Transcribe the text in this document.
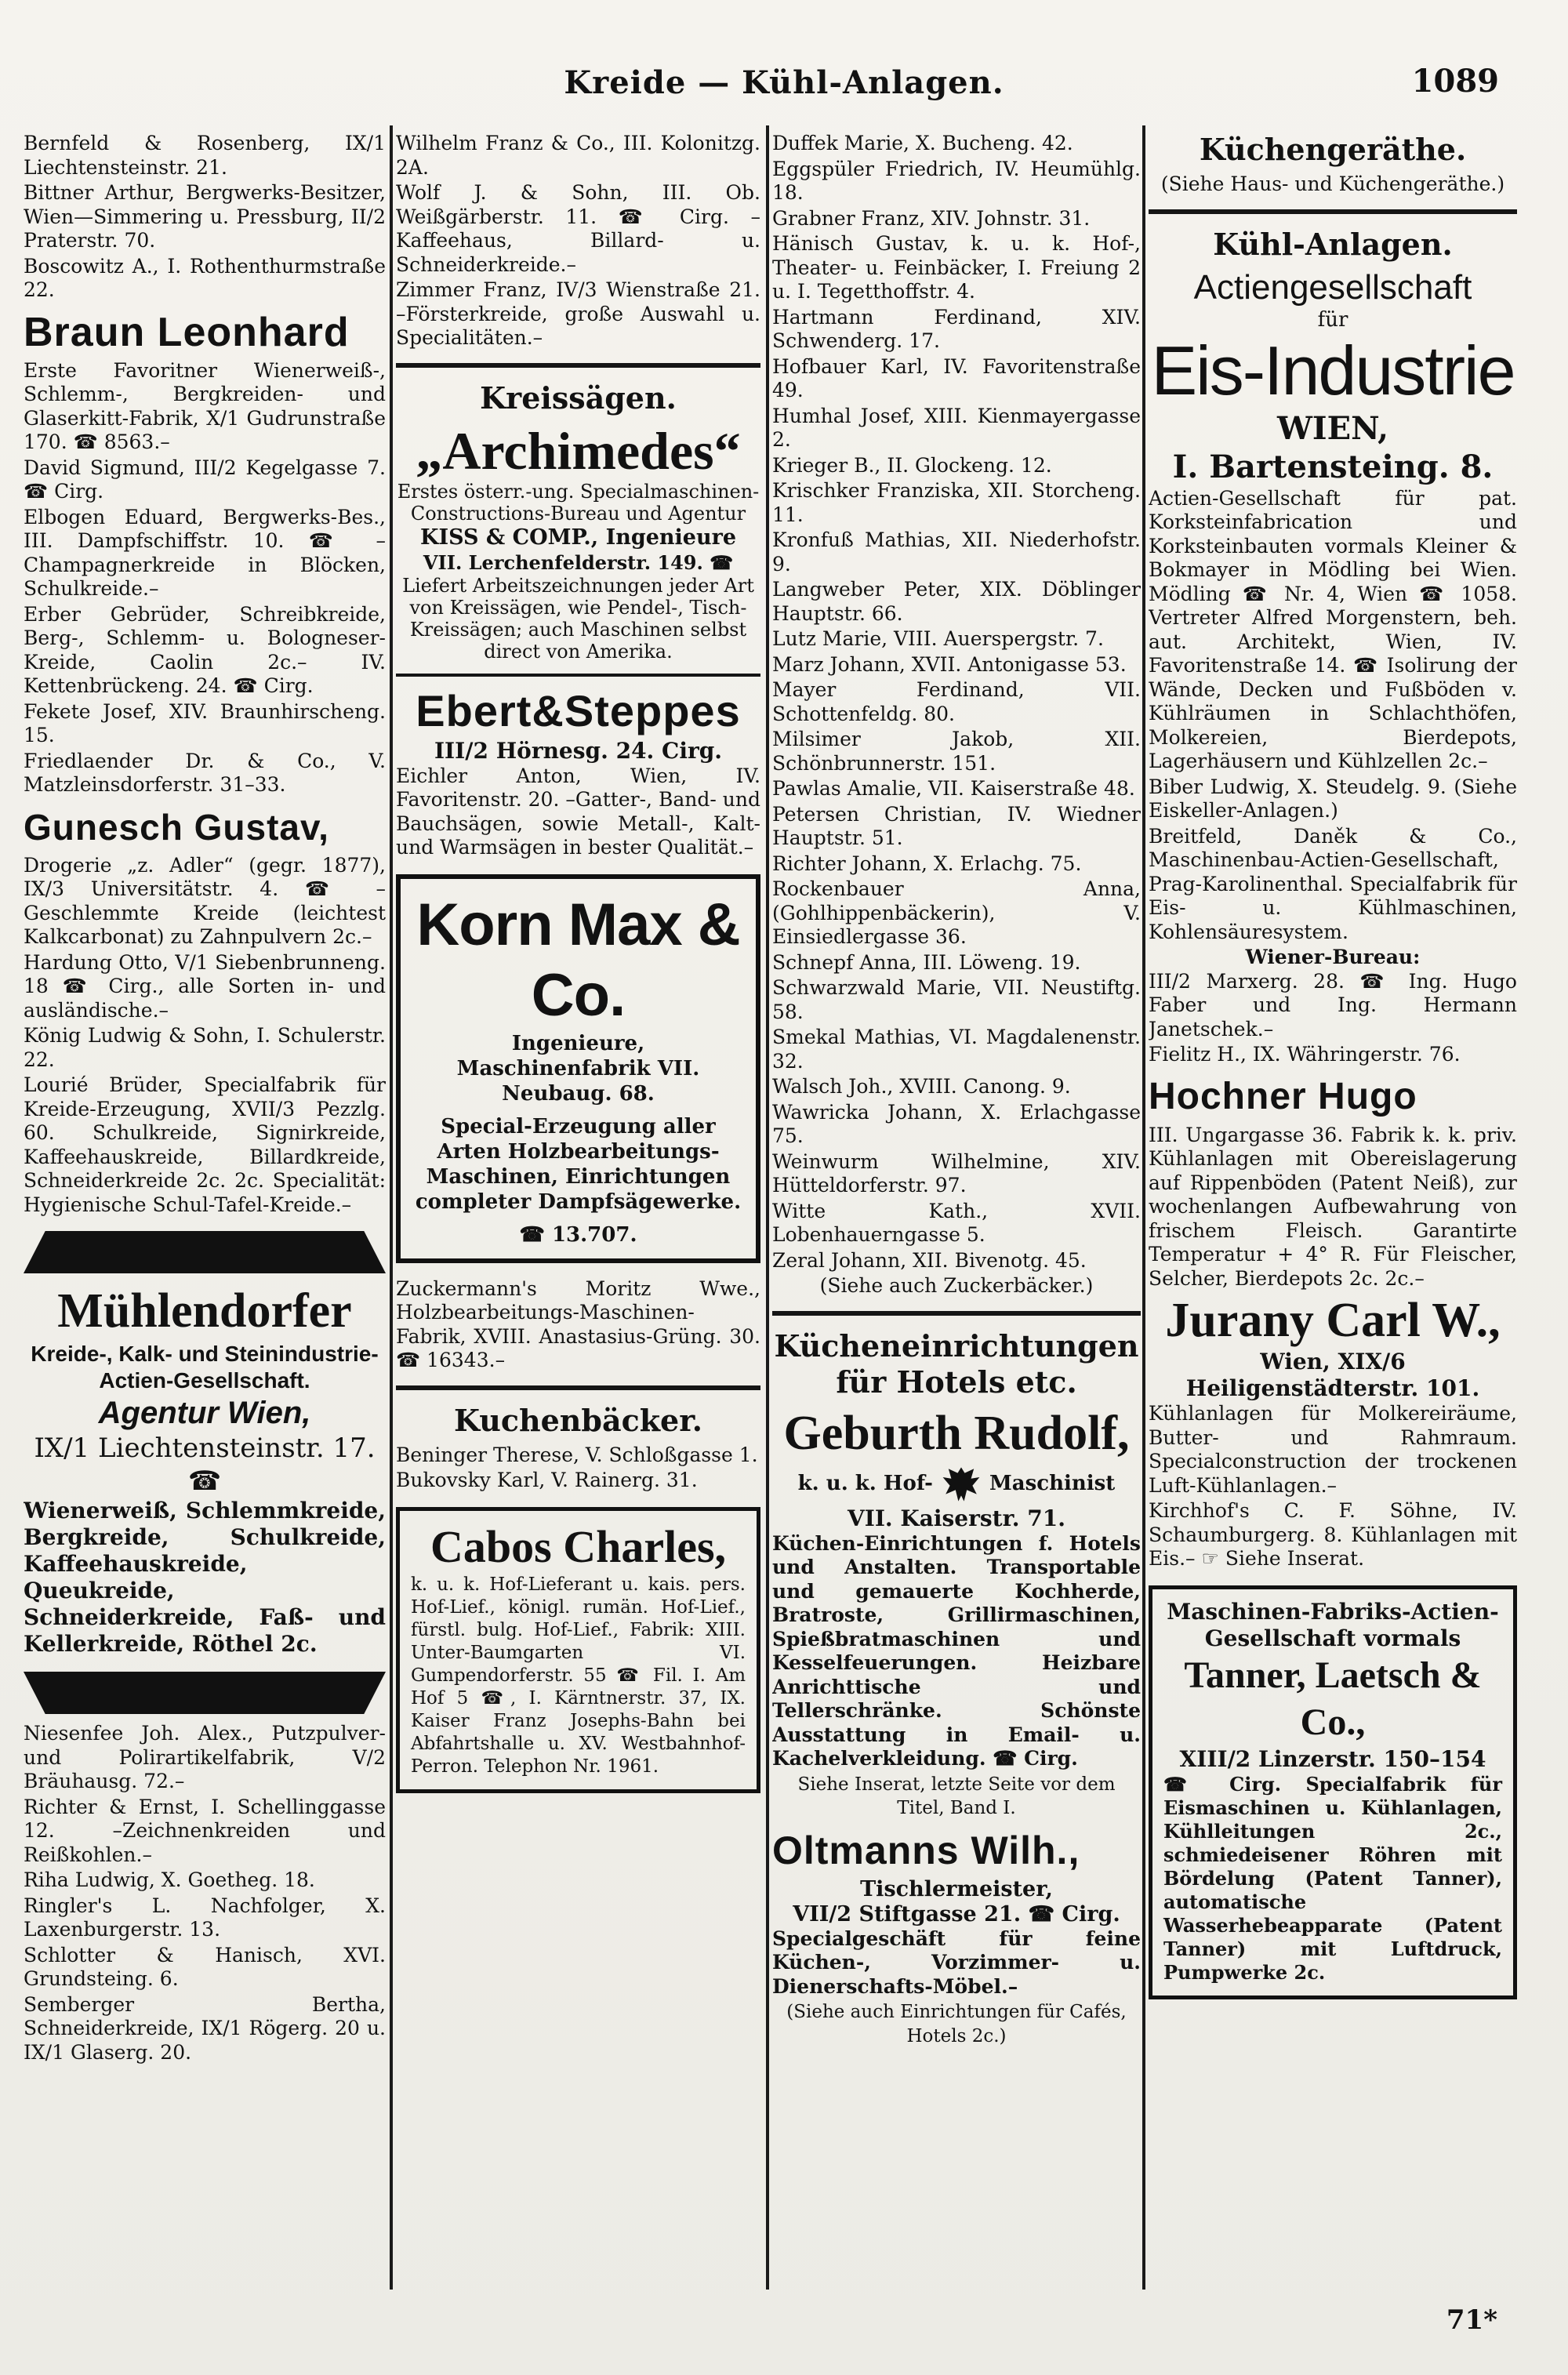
Kreide — Kühl-Anlagen.	1089

Bernfeld & Rosenberg, IX/1 Liechtensteinstr. 21.

Bittner Arthur, Bergwerks-Besitzer, Wien—Simmering u. Pressburg, II/2 Praterstr. 70.

Boscowitz A., I. Rothenthurmstraße 22.

Braun Leonhard

Erste Favoritner Wienerweiß-, Schlemm-, Bergkreiden- und Glaserkitt-Fabrik, X/1 Gudrunstraße 170. ☎ 8563.–

David Sigmund, III/2 Kegelgasse 7. ☎ Cirg.

Elbogen Eduard, Bergwerks-Bes., III. Dampfschiffstr. 10. ☎ –Champagnerkreide in Blöcken, Schulkreide.–

Erber Gebrüder, Schreibkreide, Berg-, Schlemm- u. Bologneser-Kreide, Caolin 2c.– IV. Kettenbrückeng. 24. ☎ Cirg.

Fekete Josef, XIV. Braunhirscheng. 15.

Friedlaender Dr. & Co., V. Matzleinsdorferstr. 31–33.

Gunesch Gustav,

Drogerie „z. Adler“ (gegr. 1877), IX/3 Universitätstr. 4. ☎ –Geschlemmte Kreide (leichtest Kalkcarbonat) zu Zahnpulvern 2c.–

Hardung Otto, V/1 Siebenbrunneng. 18 ☎ Cirg., alle Sorten in- und ausländische.–

König Ludwig & Sohn, I. Schulerstr. 22.

Lourié Brüder, Specialfabrik für Kreide-Erzeugung, XVII/3 Pezzlg. 60. Schulkreide, Signirkreide, Kaffeehauskreide, Billardkreide, Schneiderkreide 2c. 2c. Specialität: Hygienische Schul-Tafel-Kreide.–

Mühlendorfer
Kreide-, Kalk- und Steinindustrie-Actien-Gesellschaft.
Agentur Wien,
IX/1 Liechtensteinstr. 17. ☎

Wienerweiß, Schlemmkreide, Bergkreide, Schulkreide, Kaffeehauskreide, Queukreide, Schneiderkreide, Faß- und Kellerkreide, Röthel 2c.

Niesenfee Joh. Alex., Putzpulver- und Polirartikelfabrik, V/2 Bräuhausg. 72.–

Richter & Ernst, I. Schellinggasse 12. –Zeichnenkreiden und Reißkohlen.–

Riha Ludwig, X. Goetheg. 18.

Ringler's L. Nachfolger, X. Laxenburgerstr. 13.

Schlotter & Hanisch, XVI. Grundsteing. 6.

Semberger Bertha, Schneiderkreide, IX/1 Rögerg. 20 u. IX/1 Glaserg. 20.

Wilhelm Franz & Co., III. Kolonitzg. 2A.

Wolf J. & Sohn, III. Ob. Weißgärberstr. 11. ☎ Cirg. –Kaffeehaus, Billard- u. Schneiderkreide.–

Zimmer Franz, IV/3 Wienstraße 21. –Försterkreide, große Auswahl u. Specialitäten.–

Kreissägen.
„Archimedes“
Erstes österr.-ung. Specialmaschinen-Constructions-Bureau und Agentur
KISS & COMP., Ingenieure
VII. Lerchenfelderstr. 149. ☎
Liefert Arbeitszeichnungen jeder Art von Kreissägen, wie Pendel-, Tisch-Kreissägen; auch Maschinen selbst direct von Amerika.
Ebert&Steppes
III/2 Hörnesg. 24. Cirg.

Eichler Anton, Wien, IV. Favoritenstr. 20. –Gatter-, Band- und Bauchsägen, sowie Metall-, Kalt- und Warmsägen in bester Qualität.–

Korn Max & Co.
Ingenieure,
Maschinenfabrik VII. Neubaug. 68.
Special-Erzeugung aller Arten Holzbearbeitungs-Maschinen, Einrichtungen completer Dampfsägewerke.
☎ 13.707.

Zuckermann's Moritz Wwe., Holzbearbeitungs-Maschinen-Fabrik, XVIII. Anastasius-Grüng. 30. ☎ 16343.–

Kuchenbäcker.

Beninger Therese, V. Schloßgasse 1.

Bukovsky Karl, V. Rainerg. 31.

Cabos Charles,

k. u. k. Hof-Lieferant u. kais. pers. Hof-Lief., königl. rumän. Hof-Lief., fürstl. bulg. Hof-Lief., Fabrik: XIII. Unter-Baumgarten VI. Gumpendorferstr. 55 ☎ Fil. I. Am Hof 5 ☎, I. Kärntnerstr. 37, IX. Kaiser Franz Josephs-Bahn bei Abfahrtshalle u. XV. Westbahnhof-Perron. Telephon Nr. 1961.

Duffek Marie, X. Bucheng. 42.

Eggspüler Friedrich, IV. Heumühlg. 18.

Grabner Franz, XIV. Johnstr. 31.

Hänisch Gustav, k. u. k. Hof-, Theater- u. Feinbäcker, I. Freiung 2 u. I. Tegetthoffstr. 4.

Hartmann Ferdinand, XIV. Schwenderg. 17.

Hofbauer Karl, IV. Favoritenstraße 49.

Humhal Josef, XIII. Kienmayergasse 2.

Krieger B., II. Glockeng. 12.

Krischker Franziska, XII. Storcheng. 11.

Kronfuß Mathias, XII. Niederhofstr. 9.

Langweber Peter, XIX. Döblinger Hauptstr. 66.

Lutz Marie, VIII. Auerspergstr. 7.

Marz Johann, XVII. Antonigasse 53.

Mayer Ferdinand, VII. Schottenfeldg. 80.

Milsimer Jakob, XII. Schönbrunnerstr. 151.

Pawlas Amalie, VII. Kaiserstraße 48.

Petersen Christian, IV. Wiedner Hauptstr. 51.

Richter Johann, X. Erlachg. 75.

Rockenbauer Anna, (Gohlhippenbäckerin), V. Einsiedlergasse 36.

Schnepf Anna, III. Löweng. 19.

Schwarzwald Marie, VII. Neustiftg. 58.

Smekal Mathias, VI. Magdalenenstr. 32.

Walsch Joh., XVIII. Canong. 9.

Wawricka Johann, X. Erlachgasse 75.

Weinwurm Wilhelmine, XIV. Hütteldorferstr. 97.

Witte Kath., XVII. Lobenhauerngasse 5.

Zeral Johann, XII. Bivenotg. 45.

(Siehe auch Zuckerbäcker.)

Kücheneinrichtungen für Hotels etc.
Geburth Rudolf,
k. u. k. Hof-	Maschinist
VII. Kaiserstr. 71.

Küchen-Einrichtungen f. Hotels und Anstalten. Transportable und gemauerte Kochherde, Bratroste, Grillirmaschinen, Spießbratmaschinen und Kesselfeuerungen. Heizbare Anrichttische und Tellerschränke. Schönste Ausstattung in Email- u. Kachelverkleidung. ☎ Cirg.

Siehe Inserat, letzte Seite vor dem Titel, Band I.

Oltmanns Wilh.,
Tischlermeister,
VII/2 Stiftgasse 21. ☎ Cirg.

Specialgeschäft für feine Küchen-, Vorzimmer- u. Dienerschafts-Möbel.–

(Siehe auch Einrichtungen für Cafés, Hotels 2c.)

Küchengeräthe.

(Siehe Haus- und Küchengeräthe.)

Kühl-Anlagen.
Actiengesellschaft
für
Eis-Industrie
WIEN,
I. Bartensteing. 8.

Actien-Gesellschaft für pat. Korksteinfabrication und Korksteinbauten vormals Kleiner & Bokmayer in Mödling bei Wien. Mödling ☎ Nr. 4, Wien ☎ 1058. Vertreter Alfred Morgenstern, beh. aut. Architekt, Wien, IV. Favoritenstraße 14. ☎ Isolirung der Wände, Decken und Fußböden v. Kühlräumen in Schlachthöfen, Molkereien, Bierdepots, Lagerhäusern und Kühlzellen 2c.–

Biber Ludwig, X. Steudelg. 9. (Siehe Eiskeller-Anlagen.)

Breitfeld, Daněk & Co., Maschinenbau-Actien-Gesellschaft, Prag-Karolinenthal. Specialfabrik für Eis- u. Kühlmaschinen, Kohlensäuresystem.

Wiener-Bureau:

III/2 Marxerg. 28. ☎ Ing. Hugo Faber und Ing. Hermann Janetschek.–

Fielitz H., IX. Währingerstr. 76.

Hochner Hugo

III. Ungargasse 36. Fabrik k. k. priv. Kühlanlagen mit Obereislagerung auf Rippenböden (Patent Neiß), zur wochenlangen Aufbewahrung von frischem Fleisch. Garantirte Temperatur + 4° R. Für Fleischer, Selcher, Bierdepots 2c. 2c.–

Jurany Carl W.,
Wien, XIX/6 Heiligenstädterstr. 101.

Kühlanlagen für Molkereiräume, Butter- und Rahmraum. Specialconstruction der trockenen Luft-Kühlanlagen.–

Kirchhof's C. F. Söhne, IV. Schaumburgerg. 8. Kühlanlagen mit Eis.– ☞ Siehe Inserat.

Maschinen-Fabriks-Actien-Gesellschaft vormals
Tanner, Laetsch & Co.,
XIII/2 Linzerstr. 150–154

☎ Cirg. Specialfabrik für Eismaschinen u. Kühlanlagen, Kühlleitungen 2c., schmiedeisener Röhren mit Bördelung (Patent Tanner), automatische Wasserhebeapparate (Patent Tanner) mit Luftdruck, Pumpwerke 2c.

71*
